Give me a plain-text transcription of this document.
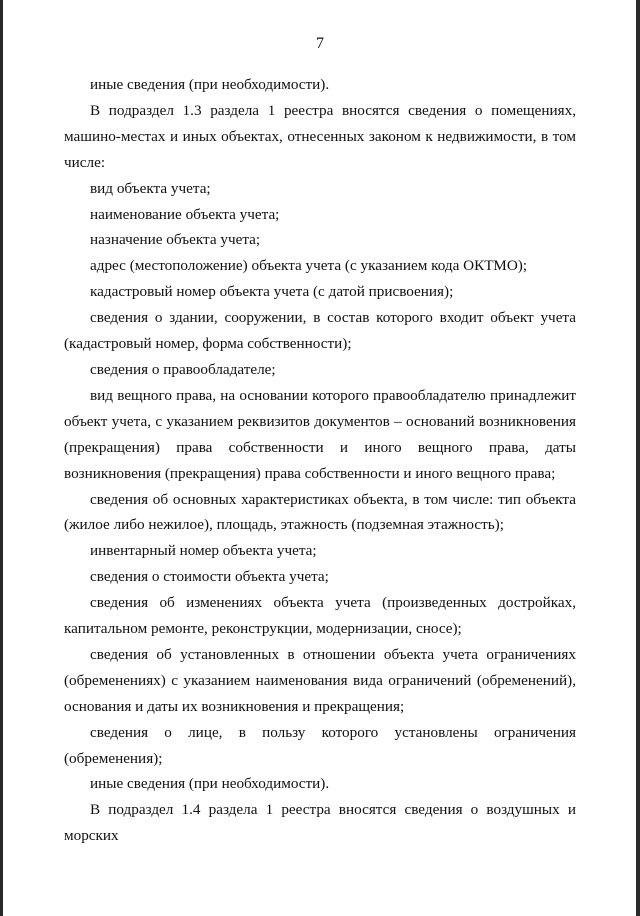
7

иные сведения (при необходимости).

В подраздел 1.3 раздела 1 реестра вносятся сведения о помещениях, машино-местах и иных объектах, отнесенных законом к недвижимости, в том числе:

вид объекта учета;

наименование объекта учета;

назначение объекта учета;

адрес (местоположение) объекта учета (с указанием кода ОКТМО);

кадастровый номер объекта учета (с датой присвоения);

сведения о здании, сооружении, в состав которого входит объект учета (кадастровый номер, форма собственности);

сведения о правообладателе;

вид вещного права, на основании которого правообладателю принадлежит объект учета, с указанием реквизитов документов – оснований возникновения (прекращения) права собственности и иного вещного права, даты возникновения (прекращения) права собственности и иного вещного права;

сведения об основных характеристиках объекта, в том числе: тип объекта (жилое либо нежилое), площадь, этажность (подземная этажность);

инвентарный номер объекта учета;

сведения о стоимости объекта учета;

сведения об изменениях объекта учета (произведенных достройках, капитальном ремонте, реконструкции, модернизации, сносе);

сведения об установленных в отношении объекта учета ограничениях (обременениях) с указанием наименования вида ограничений (обременений), основания и даты их возникновения и прекращения;

сведения о лице, в пользу которого установлены ограничения (обременения);

иные сведения (при необходимости).

В подраздел 1.4 раздела 1 реестра вносятся сведения о воздушных и морских
